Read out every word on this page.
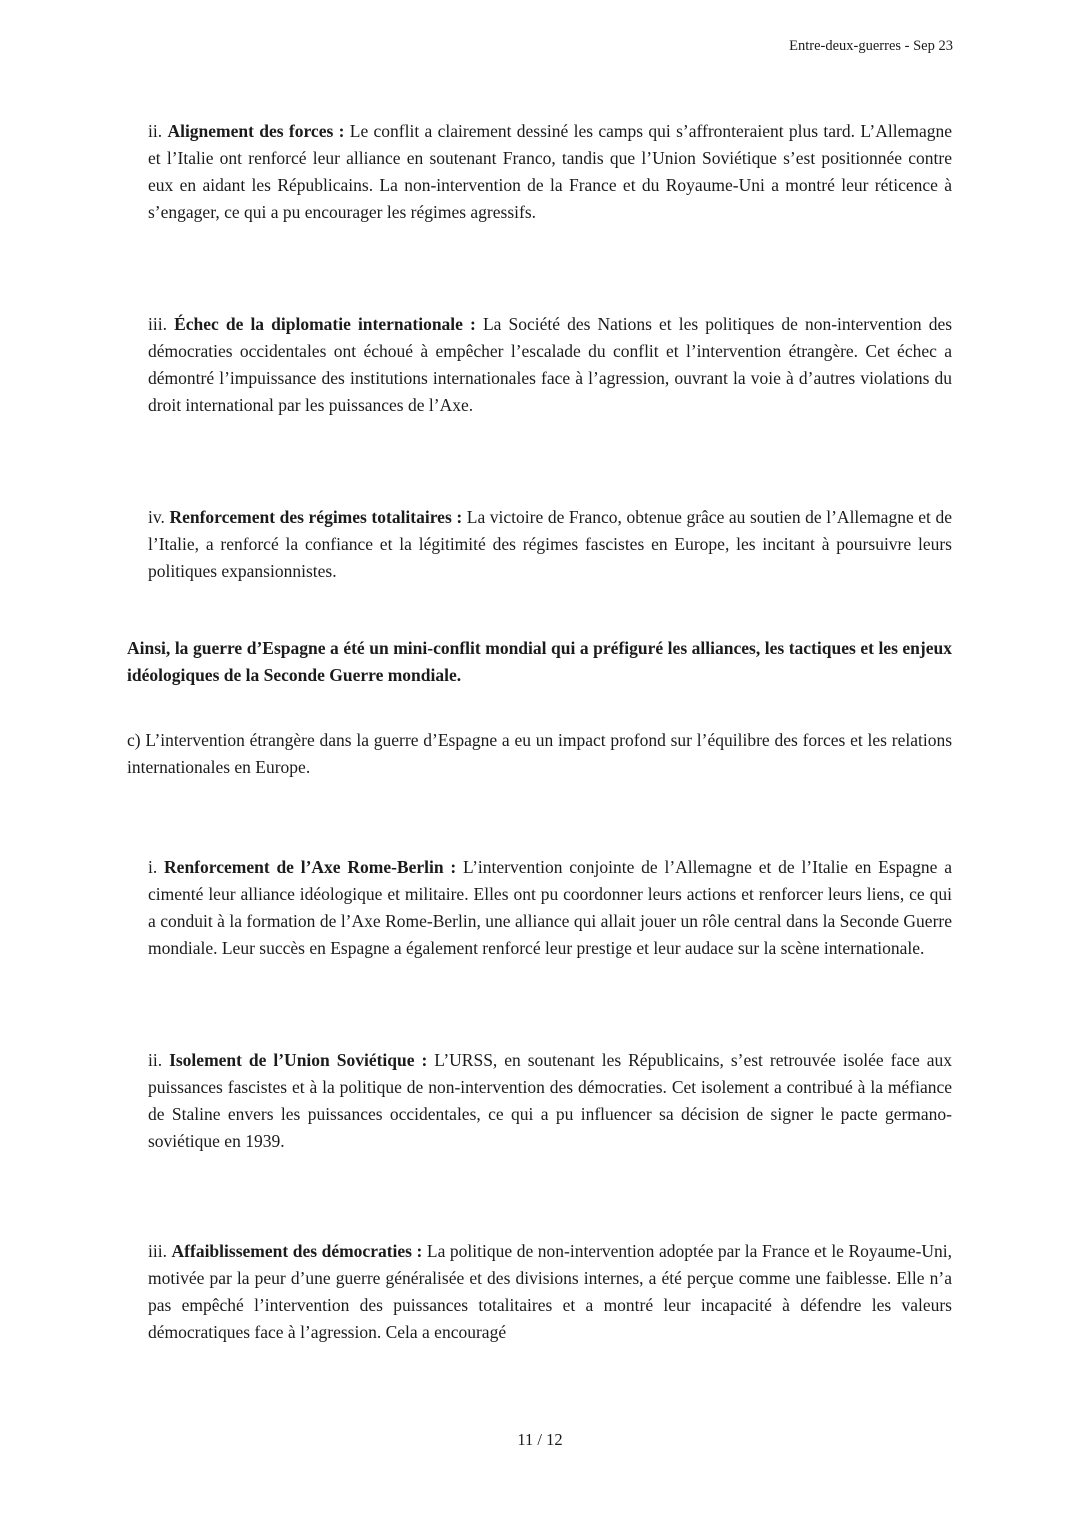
Entre-deux-guerres - Sep 23

ii. Alignement des forces : Le conflit a clairement dessiné les camps qui s’affronteraient plus tard. L’Allemagne et l’Italie ont renforcé leur alliance en soutenant Franco, tandis que l’Union Soviétique s’est positionnée contre eux en aidant les Républicains. La non-intervention de la France et du Royaume-Uni a montré leur réticence à s’engager, ce qui a pu encourager les régimes agressifs.

iii. Échec de la diplomatie internationale : La Société des Nations et les politiques de non-intervention des démocraties occidentales ont échoué à empêcher l’escalade du conflit et l’intervention étrangère. Cet échec a démontré l’impuissance des institutions internationales face à l’agression, ouvrant la voie à d’autres violations du droit international par les puissances de l’Axe.

iv. Renforcement des régimes totalitaires : La victoire de Franco, obtenue grâce au soutien de l’Allemagne et de l’Italie, a renforcé la confiance et la légitimité des régimes fascistes en Europe, les incitant à poursuivre leurs politiques expansionnistes.

Ainsi, la guerre d’Espagne a été un mini-conflit mondial qui a préfiguré les alliances, les tactiques et les enjeux idéologiques de la Seconde Guerre mondiale.

c) L’intervention étrangère dans la guerre d’Espagne a eu un impact profond sur l’équilibre des forces et les relations internationales en Europe.

i. Renforcement de l’Axe Rome-Berlin : L’intervention conjointe de l’Allemagne et de l’Italie en Espagne a cimenté leur alliance idéologique et militaire. Elles ont pu coordonner leurs actions et renforcer leurs liens, ce qui a conduit à la formation de l’Axe Rome-Berlin, une alliance qui allait jouer un rôle central dans la Seconde Guerre mondiale. Leur succès en Espagne a également renforcé leur prestige et leur audace sur la scène internationale.

ii. Isolement de l’Union Soviétique : L’URSS, en soutenant les Républicains, s’est retrouvée isolée face aux puissances fascistes et à la politique de non-intervention des démocraties. Cet isolement a contribué à la méfiance de Staline envers les puissances occidentales, ce qui a pu influencer sa décision de signer le pacte germano-soviétique en 1939.

iii. Affaiblissement des démocraties : La politique de non-intervention adoptée par la France et le Royaume-Uni, motivée par la peur d’une guerre généralisée et des divisions internes, a été perçue comme une faiblesse. Elle n’a pas empêché l’intervention des puissances totalitaires et a montré leur incapacité à défendre les valeurs démocratiques face à l’agression. Cela a encouragé

11 / 12
